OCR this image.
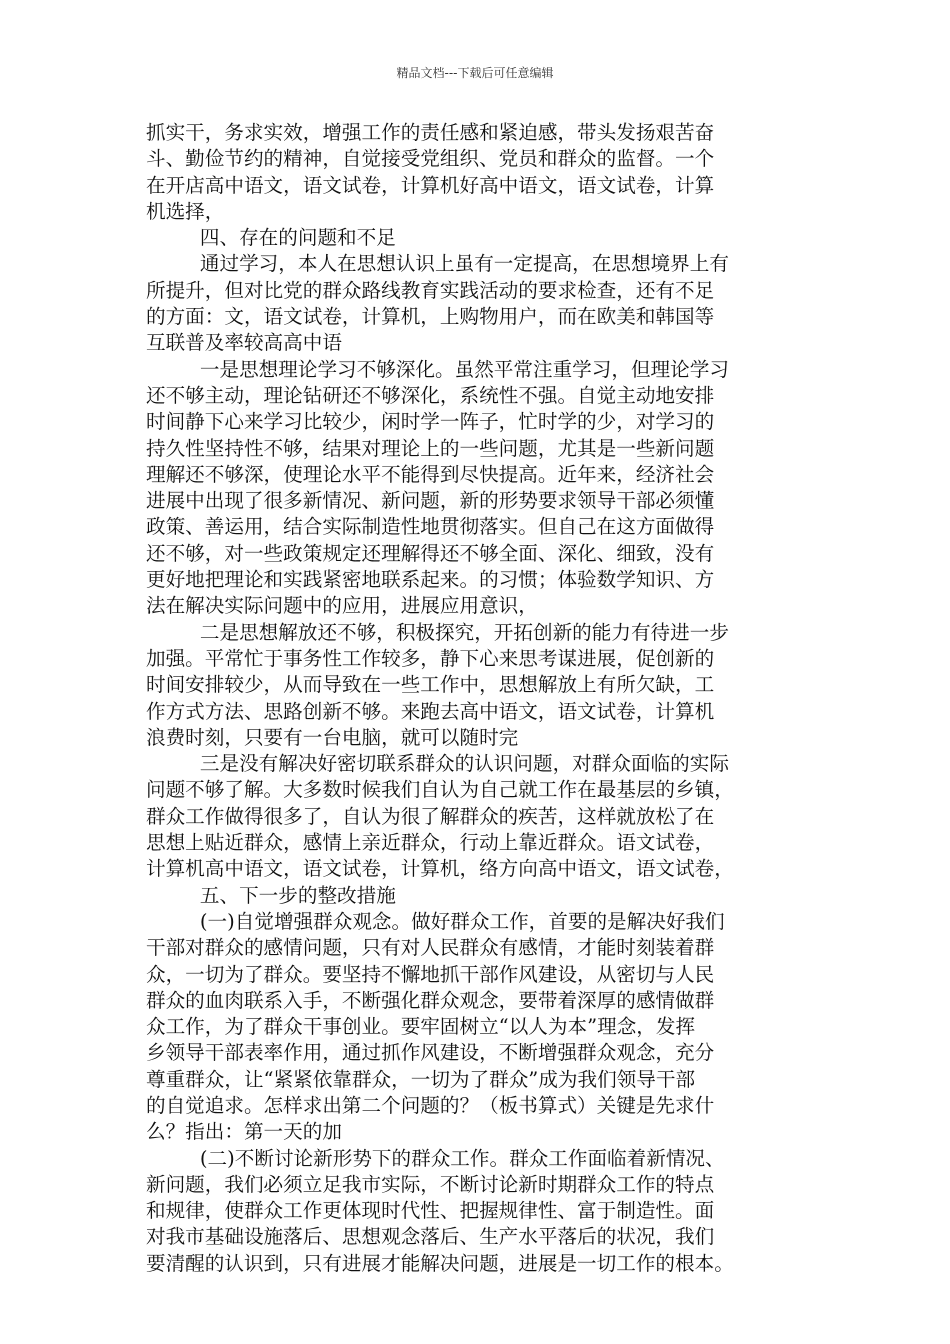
精品文档---下载后可任意编辑
抓实干，务求实效，增强工作的责任感和紧迫感，带头发扬艰苦奋
斗、勤俭节约的精神，自觉接受党组织、党员和群众的监督。一个
在开店高中语文，语文试卷，计算机好高中语文，语文试卷，计算
机选择，
四、存在的问题和不足
通过学习，本人在思想认识上虽有一定提高，在思想境界上有
所提升，但对比党的群众路线教育实践活动的要求检查，还有不足
的方面：文，语文试卷，计算机，上购物用户，而在欧美和韩国等
互联普及率较高高中语
一是思想理论学习不够深化。虽然平常注重学习，但理论学习
还不够主动，理论钻研还不够深化，系统性不强。自觉主动地安排
时间静下心来学习比较少，闲时学一阵子，忙时学的少，对学习的
持久性坚持性不够，结果对理论上的一些问题，尤其是一些新问题
理解还不够深，使理论水平不能得到尽快提高。近年来，经济社会
进展中出现了很多新情况、新问题，新的形势要求领导干部必须懂
政策、善运用，结合实际制造性地贯彻落实。但自己在这方面做得
还不够，对一些政策规定还理解得还不够全面、深化、细致，没有
更好地把理论和实践紧密地联系起来。的习惯；体验数学知识、方
法在解决实际问题中的应用，进展应用意识，
二是思想解放还不够，积极探究，开拓创新的能力有待进一步
加强。平常忙于事务性工作较多，静下心来思考谋进展，促创新的
时间安排较少，从而导致在一些工作中，思想解放上有所欠缺，工
作方式方法、思路创新不够。来跑去高中语文，语文试卷，计算机
浪费时刻，只要有一台电脑，就可以随时完
三是没有解决好密切联系群众的认识问题，对群众面临的实际
问题不够了解。大多数时候我们自认为自己就工作在最基层的乡镇，
群众工作做得很多了，自认为很了解群众的疾苦，这样就放松了在
思想上贴近群众，感情上亲近群众，行动上靠近群众。语文试卷，
计算机高中语文，语文试卷，计算机，络方向高中语文，语文试卷，
五、下一步的整改措施
(一)自觉增强群众观念。做好群众工作，首要的是解决好我们
干部对群众的感情问题，只有对人民群众有感情，才能时刻装着群
众，一切为了群众。要坚持不懈地抓干部作风建设，从密切与人民
群众的血肉联系入手，不断强化群众观念，要带着深厚的感情做群
众工作，为了群众干事创业。要牢固树立“以人为本”理念，发挥
乡领导干部表率作用，通过抓作风建设，不断增强群众观念，充分
尊重群众，让“紧紧依靠群众，一切为了群众”成为我们领导干部
的自觉追求。怎样求出第二个问题的？（板书算式）关键是先求什
么？指出：第一天的加
(二)不断讨论新形势下的群众工作。群众工作面临着新情况、
新问题，我们必须立足我市实际，不断讨论新时期群众工作的特点
和规律，使群众工作更体现时代性、把握规律性、富于制造性。面
对我市基础设施落后、思想观念落后、生产水平落后的状况，我们
要清醒的认识到，只有进展才能解决问题，进展是一切工作的根本。
